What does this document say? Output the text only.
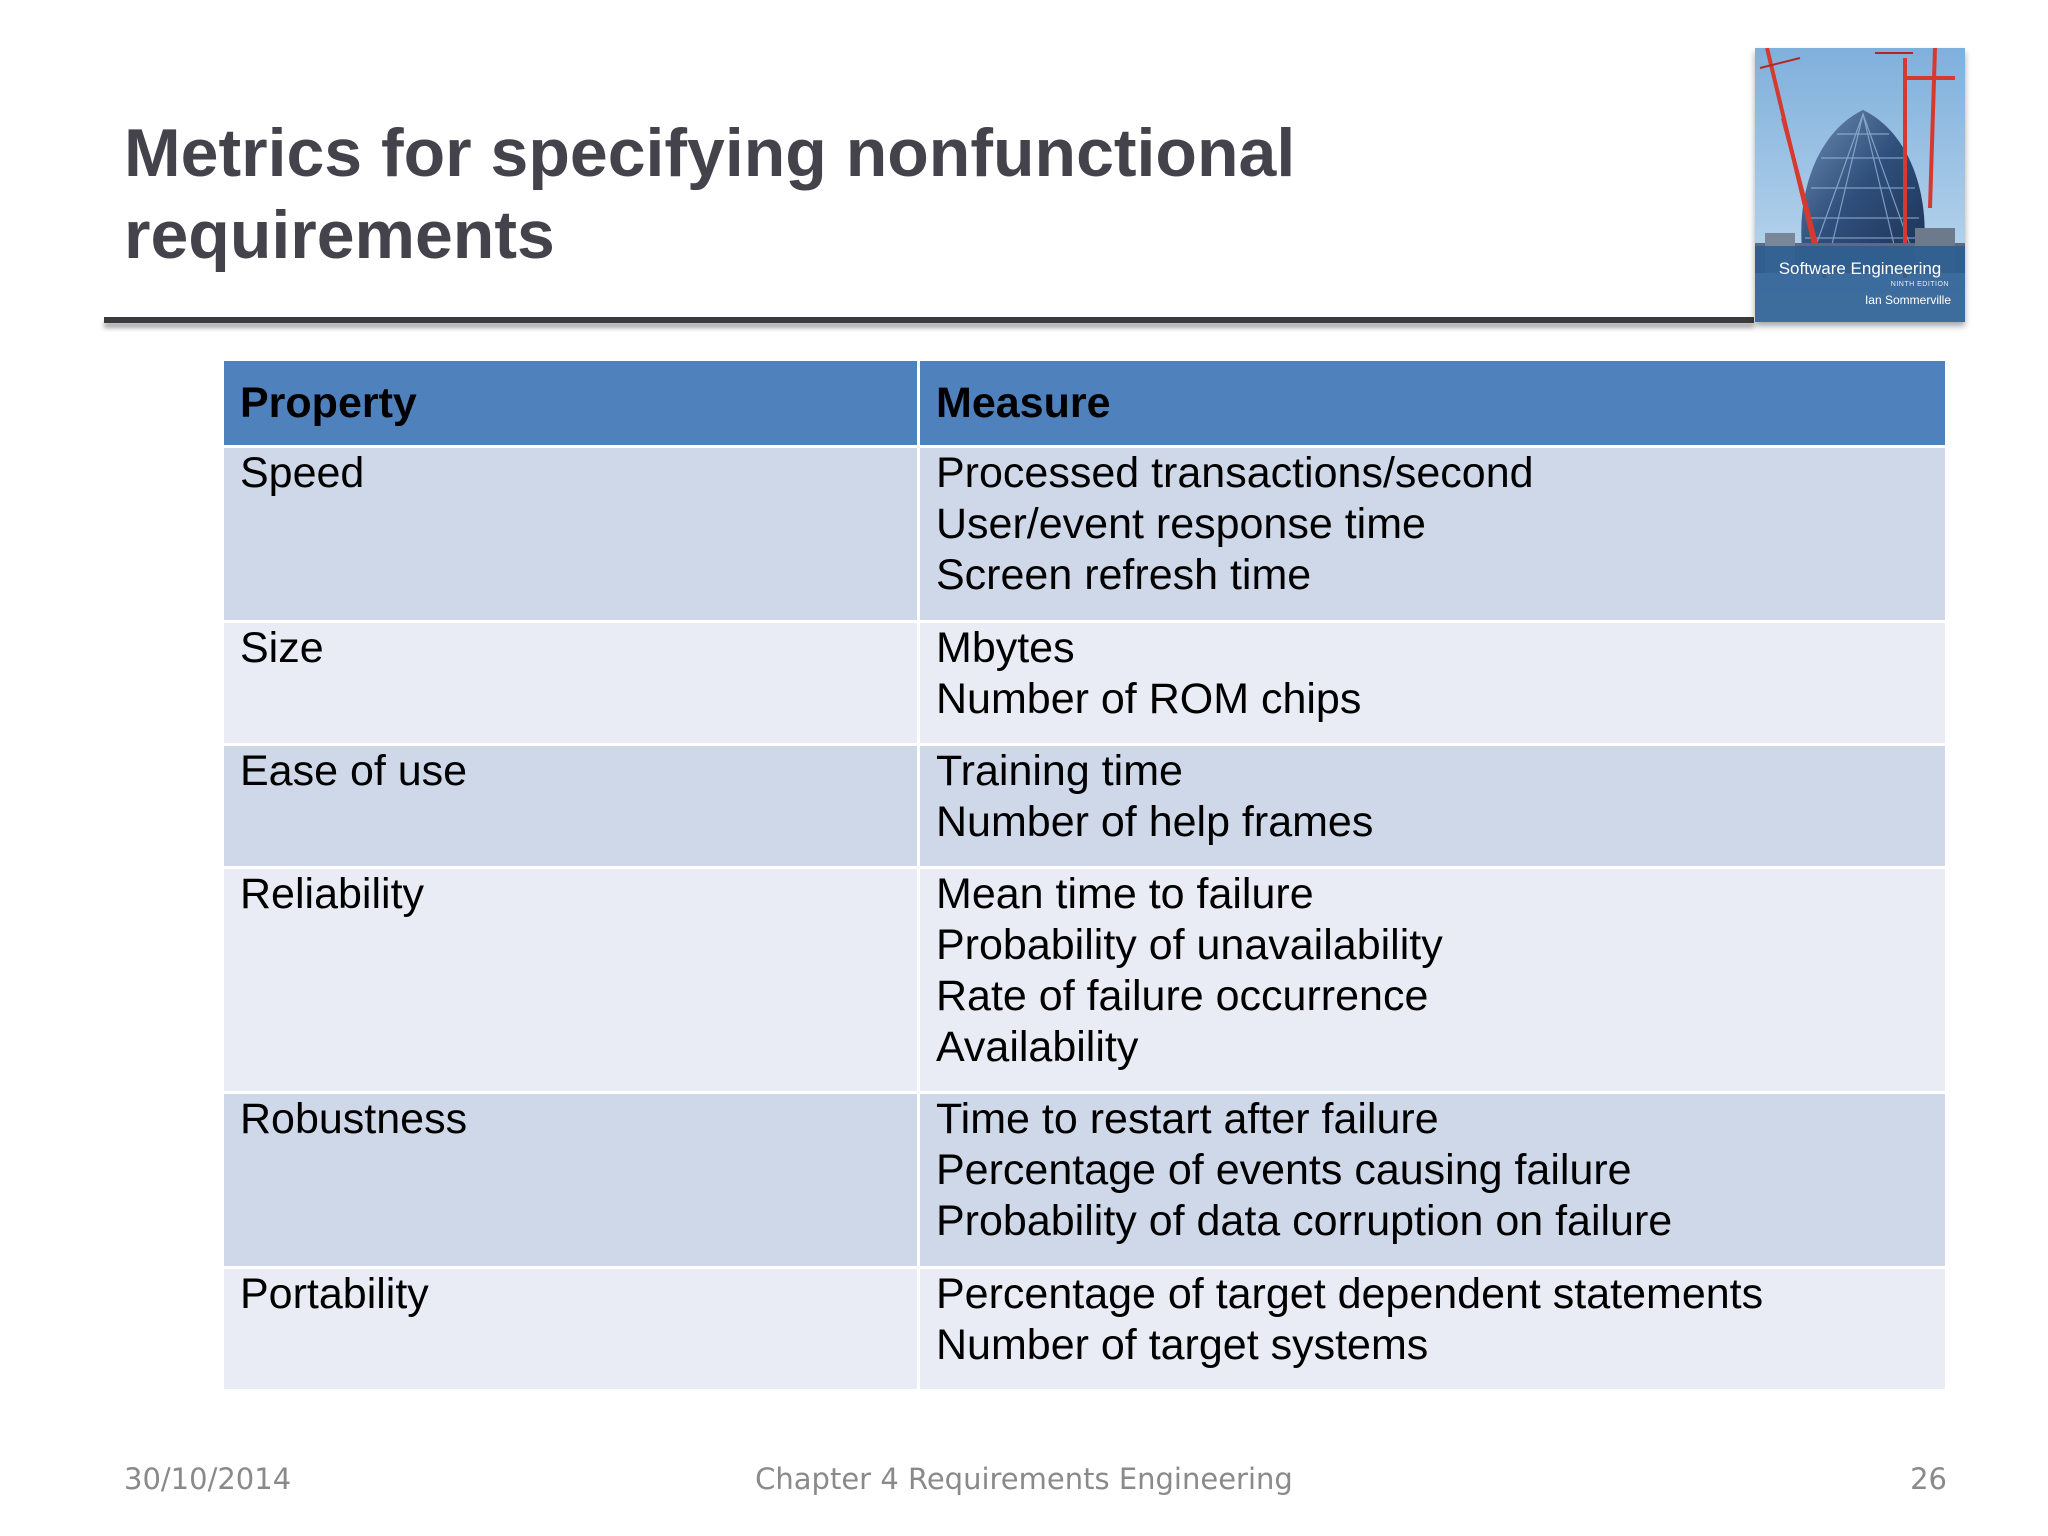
Metrics for specifying nonfunctional
requirements	Software Engineering
NINTH EDITION
Ian Sommerville
Property	Measure
Speed	Processed transactions/second
User/event response time
Screen refresh time

Size	Mbytes
Number of ROM chips

Ease of use	Training time
Number of help frames

Reliability	Mean time to failure
Probability of unavailability
Rate of failure occurrence
Availability

Robustness	Time to restart after failure
Percentage of events causing failure
Probability of data corruption on failure

Portability	Percentage of target dependent statements
Number of target systems
30/10/2014	Chapter 4 Requirements Engineering	26
